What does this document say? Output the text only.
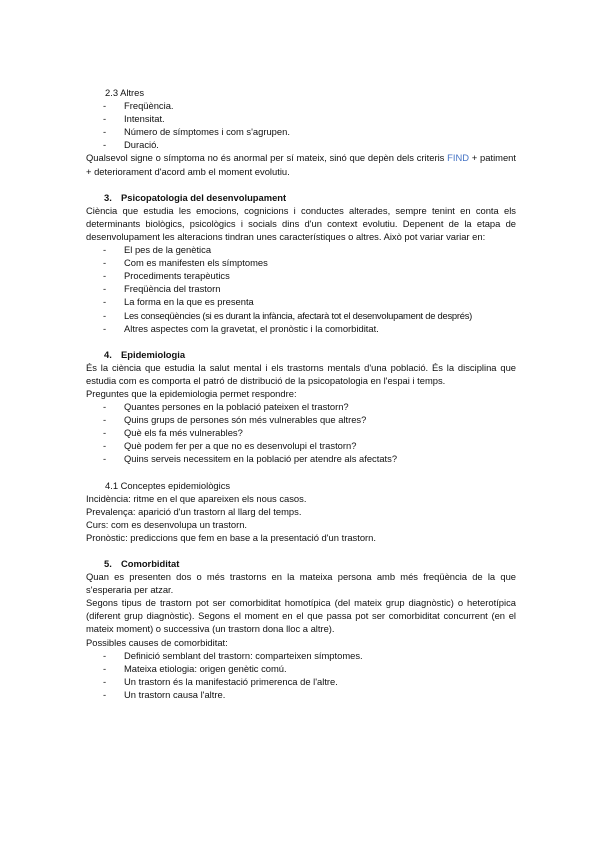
2.3 Altres
- Freqüència.
- Intensitat.
- Número de símptomes i com s'agrupen.
- Duració.

Qualsevol signe o símptoma no és anormal per sí mateix, sinó que depèn dels criteris FIND + patiment + deteriorament d'acord amb el moment evolutiu.

3. Psicopatologia del desenvolupament

Ciència que estudia les emocions, cognicions i conductes alterades, sempre tenint en conta els determinants biològics, psicològics i socials dins d'un context evolutiu. Depenent de la etapa de desenvolupament les alteracions tindran unes característiques o altres. Això pot variar variar en:

- El pes de la genètica
- Com es manifesten els símptomes
- Procediments terapèutics
- Freqüència del trastorn
- La forma en la que es presenta
- Les conseqüències (si es durant la infància, afectarà tot el desenvolupament de després)
- Altres aspectes com la gravetat, el pronòstic i la comorbiditat.
4. Epidemiologia

És la ciència que estudia la salut mental i els trastorns mentals d'una població. És la disciplina que estudia com es comporta el patró de distribució de la psicopatologia en l'espai i temps.

Preguntes que la epidemiologia permet respondre:
- Quantes persones en la població pateixen el trastorn?
- Quins grups de persones són més vulnerables que altres?
- Què els fa més vulnerables?
- Què podem fer per a que no es desenvolupi el trastorn?
- Quins serveis necessitem en la població per atendre als afectats?
4.1 Conceptes epidemiològics
Incidència: ritme en el que apareixen els nous casos.
Prevalença: aparició d'un trastorn al llarg del temps.
Curs: com es desenvolupa un trastorn.
Pronòstic: prediccions que fem en base a la presentació d'un trastorn.
5. Comorbiditat

Quan es presenten dos o més trastorns en la mateixa persona amb més freqüència de la que s'esperaria per atzar.

Segons tipus de trastorn pot ser comorbiditat homotípica (del mateix grup diagnòstic) o heterotípica (diferent grup diagnòstic). Segons el moment en el que passa pot ser comorbiditat concurrent (en el mateix moment) o successiva (un trastorn dona lloc a altre).

Possibles causes de comorbiditat:
- Definició semblant del trastorn: comparteixen símptomes.
- Mateixa etiologia: origen genètic comú.
- Un trastorn és la manifestació primerenca de l'altre.
- Un trastorn causa l'altre.
